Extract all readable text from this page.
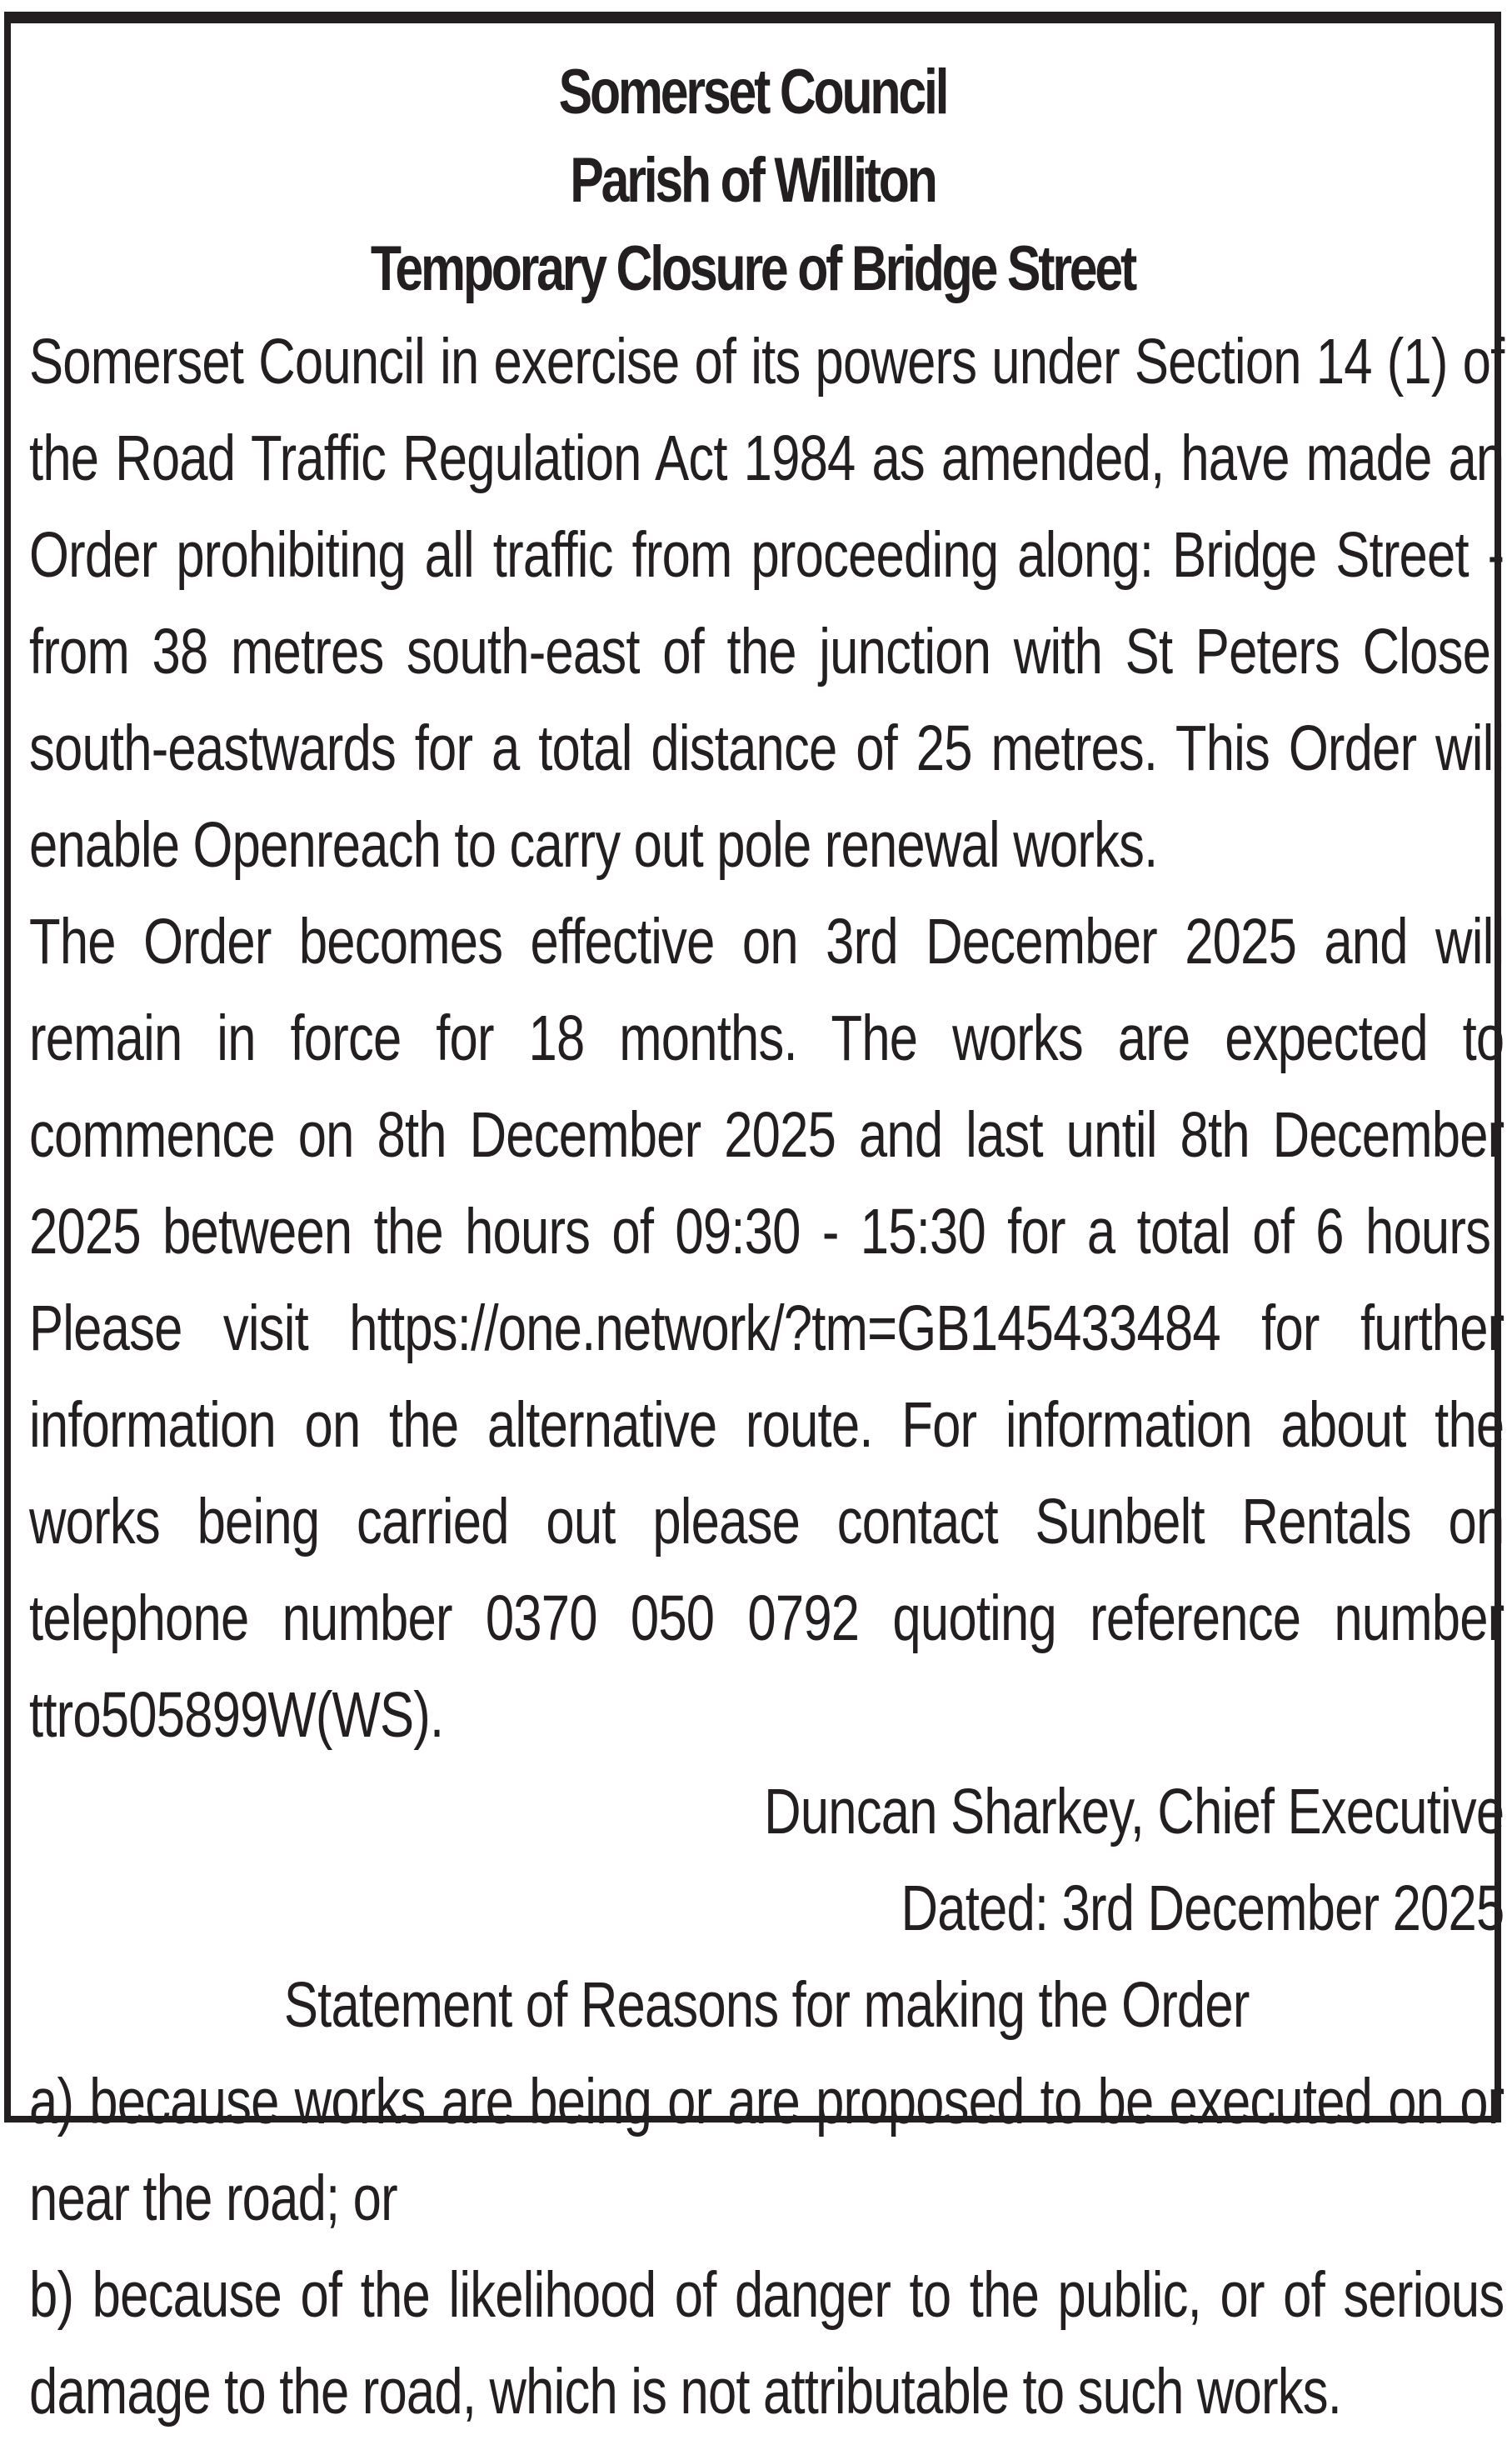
Somerset Council
Parish of Williton
Temporary Closure of Bridge Street

Somerset Council in exercise of its powers under Section 14 (1) of the Road Traffic Regulation Act 1984 as amended, have made an Order prohibiting all traffic from proceeding along: Bridge Street - from 38 metres south-east of the junction with St Peters Close, south-eastwards for a total distance of 25 metres. This Order will enable Openreach to carry out pole renewal works.

The Order becomes effective on 3rd December 2025 and will remain in force for 18 months. The works are expected to commence on 8th December 2025 and last until 8th December 2025 between the hours of 09:30 - 15:30 for a total of 6 hours. Please visit https://one.network/?tm=GB145433484 for further information on the alternative route. For information about the works being carried out please contact Sunbelt Rentals on telephone number 0370 050 0792 quoting reference number ttro505899W(WS).

Duncan Sharkey, Chief Executive

Dated: 3rd December 2025

Statement of Reasons for making the Order

a) because works are being or are proposed to be executed on or near the road; or

b) because of the likelihood of danger to the public, or of serious damage to the road, which is not attributable to such works.
